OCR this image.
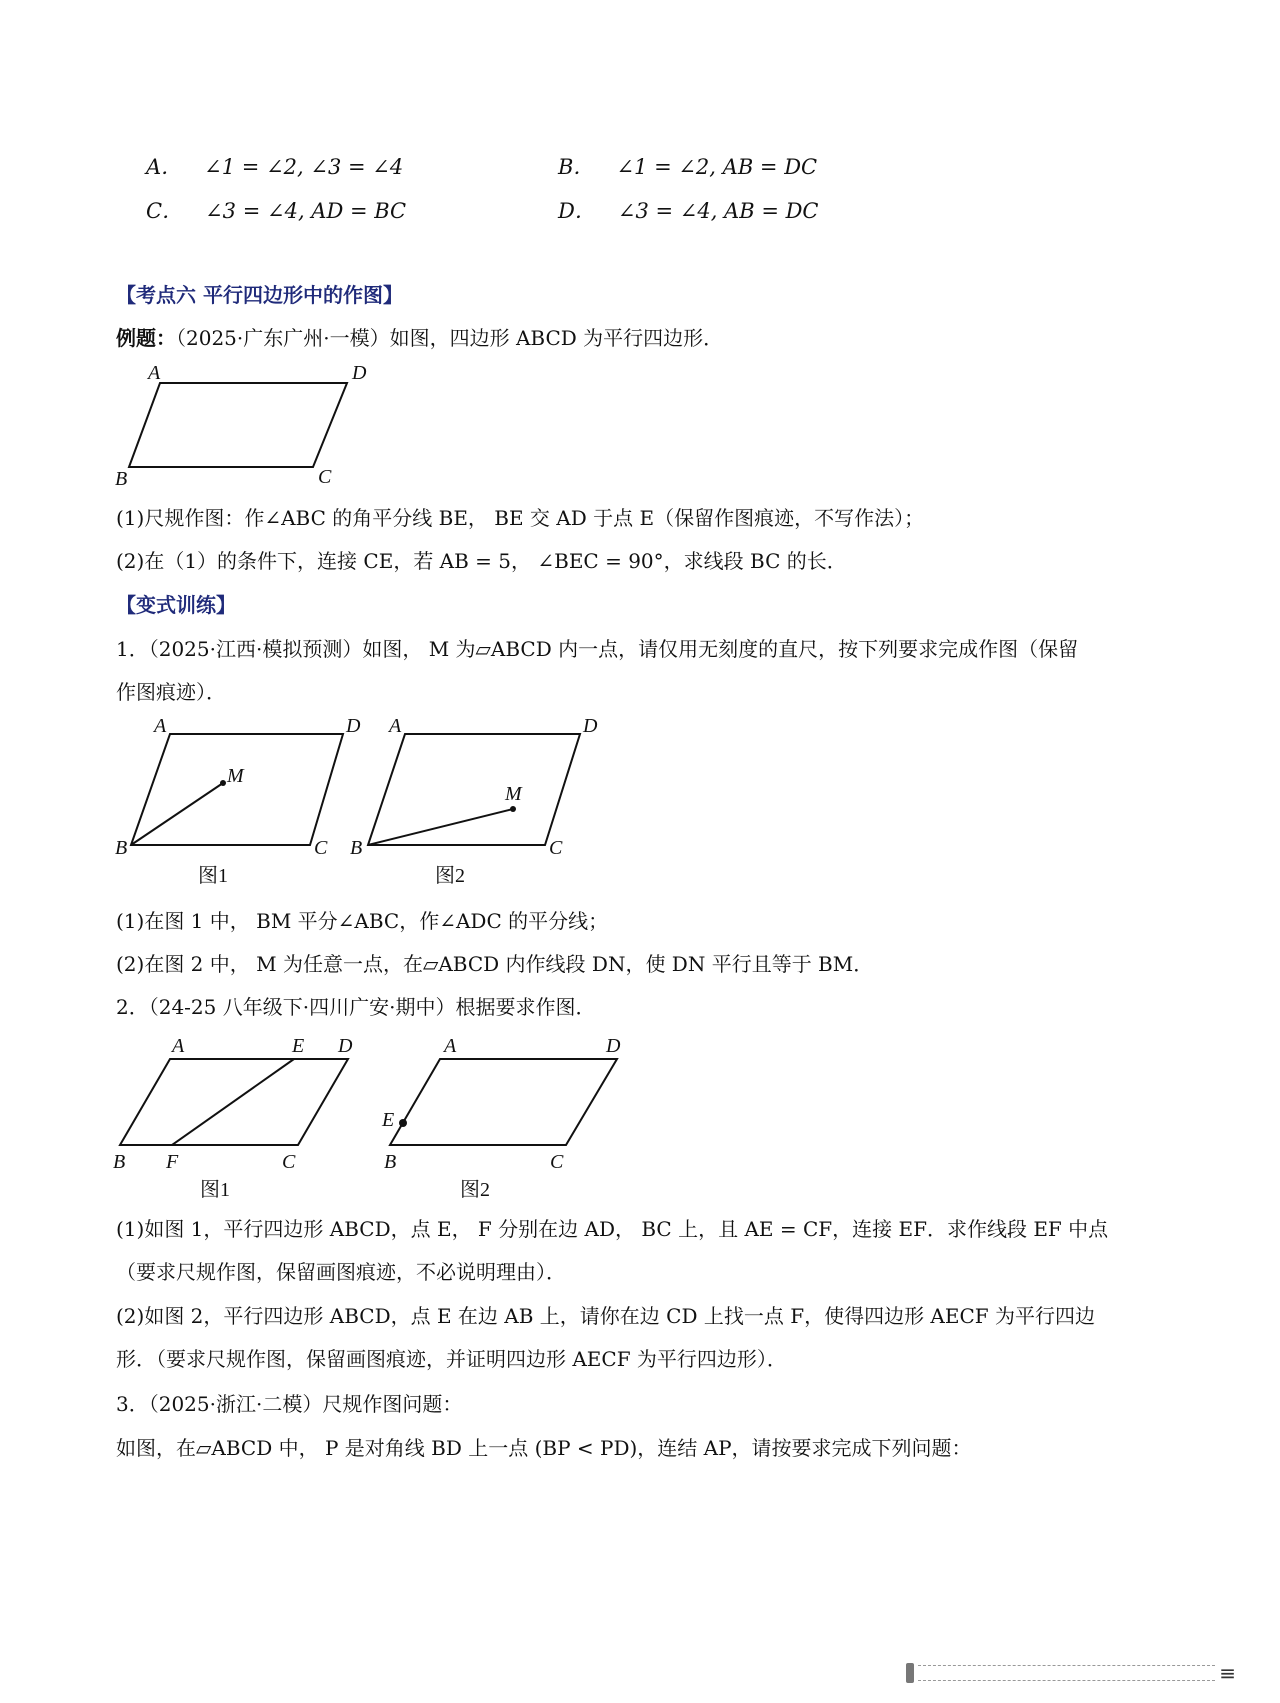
A． ∠1 = ∠2, ∠3 = ∠4	B． ∠1 = ∠2, AB = DC
C． ∠3 = ∠4, AD = BC	D． ∠3 = ∠4, AB = DC
【考点六 平行四边形中的作图】
例题：（2025·广东广州·一模）如图，四边形 ABCD 为平行四边形．
A	D
B	C
(1)尺规作图：作∠ABC 的角平分线 BE， BE 交 AD 于点 E（保留作图痕迹，不写作法）；
(2)在（1）的条件下，连接 CE，若 AB = 5， ∠BEC = 90°，求线段 BC 的长．
【变式训练】
1．（2025·江西·模拟预测）如图， M 为▱ABCD 内一点，请仅用无刻度的直尺，按下列要求完成作图（保留
作图痕迹）．
A	D
M
B	C
图1
A	D
M
B	C
图2
(1)在图 1 中， BM 平分∠ABC，作∠ADC 的平分线；
(2)在图 2 中， M 为任意一点，在▱ABCD 内作线段 DN，使 DN 平行且等于 BM．
2．（24-25 八年级下·四川广安·期中）根据要求作图．
A	E D
B F	C
图1
A	D
E
B	C
图2
(1)如图 1，平行四边形 ABCD，点 E， F 分别在边 AD， BC 上，且 AE = CF，连接 EF．求作线段 EF 中点
（要求尺规作图，保留画图痕迹，不必说明理由）．
(2)如图 2，平行四边形 ABCD，点 E 在边 AB 上，请你在边 CD 上找一点 F，使得四边形 AECF 为平行四边
形．（要求尺规作图，保留画图痕迹，并证明四边形 AECF 为平行四边形）．
3．（2025·浙江·二模）尺规作图问题：
如图，在▱ABCD 中， P 是对角线 BD 上一点 (BP < PD)，连结 AP，请按要求完成下列问题：
≡
